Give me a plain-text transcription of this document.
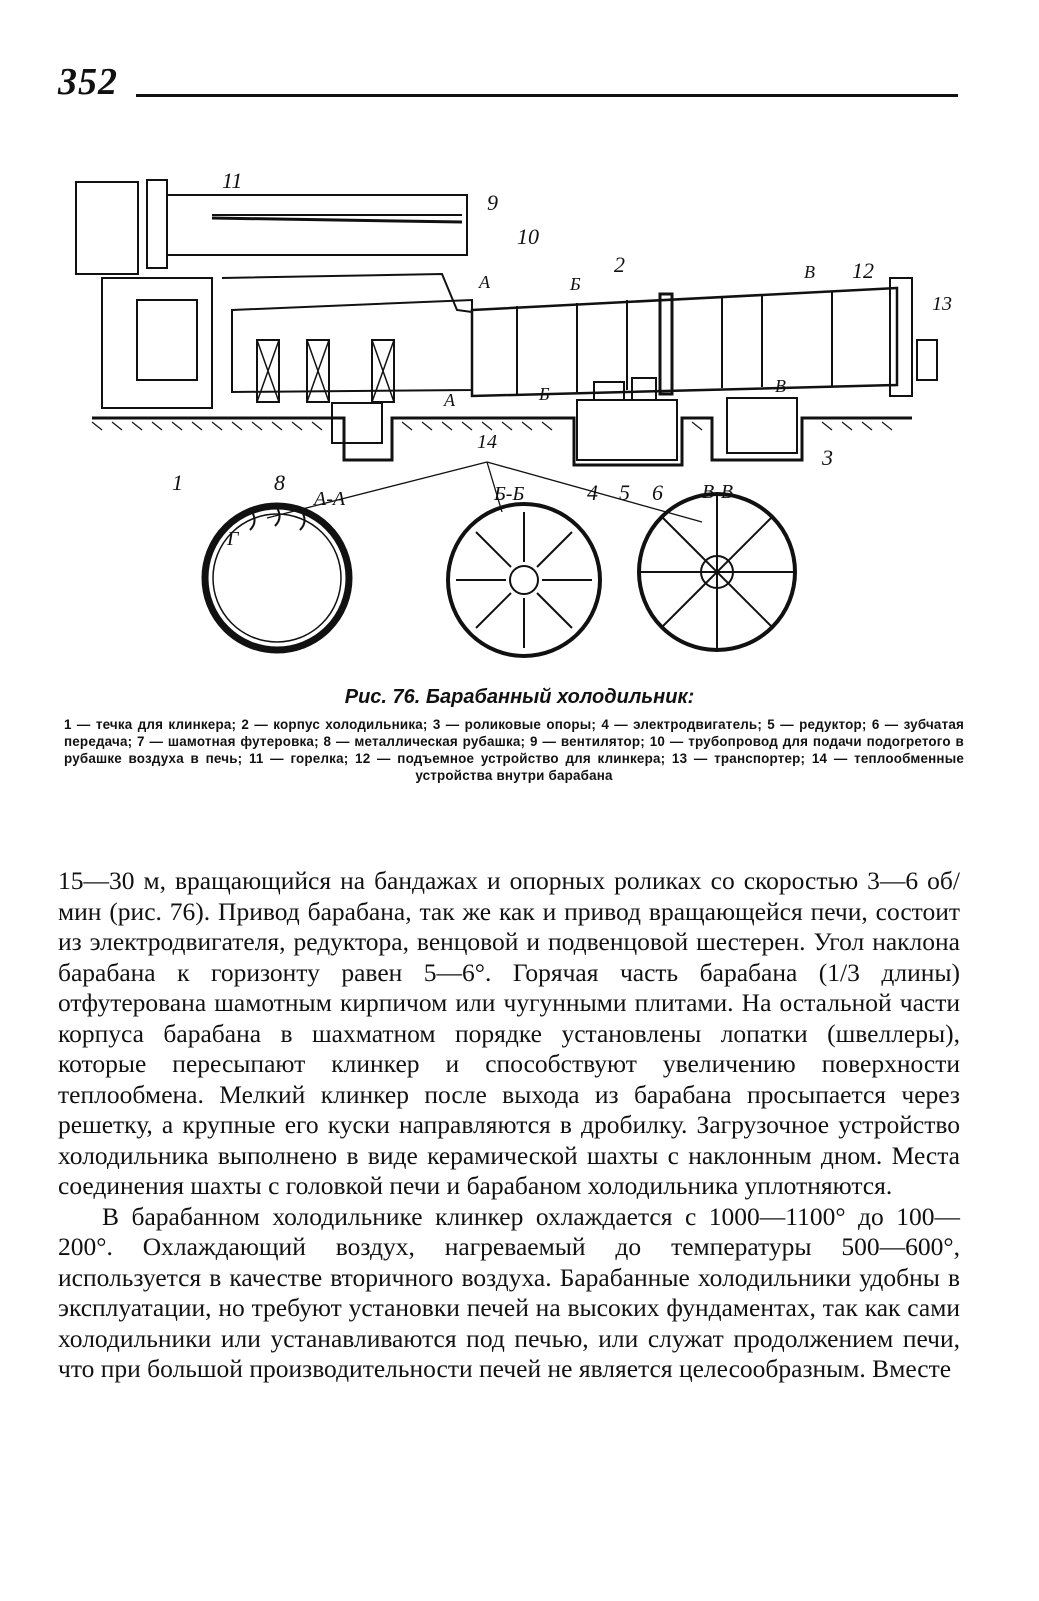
352
11
9
10
2	12
13
1	8
14
4 5 6
3
А
А
Б
Б
В
В
А-А	Б-Б	В-В
Г
Рис. 76. Барабанный холодильник:
1 — течка для клинкера; 2 — корпус холодильника; 3 — роликовые опоры; 4 — электродвигатель; 5 — редуктор; 6 — зубчатая передача; 7 — шамотная футеровка; 8 — металлическая рубашка; 9 — вентилятор; 10 — трубопровод для подачи подогретого в рубашке воздуха в печь; 11 — горелка; 12 — подъемное устройство для клинкера; 13 — транспортер; 14 — теплообменные устройства внутри барабана

15—30 м, вращающийся на бандажах и опорных роликах со скоростью 3—6 об/мин (рис. 76). Привод барабана, так же как и привод вращающейся печи, состоит из электродвигателя, редуктора, венцовой и подвенцовой шестерен. Угол наклона барабана к горизонту равен 5—6°. Горячая часть барабана (1/3 длины) отфутерована шамотным кирпичом или чугунными плитами. На остальной части корпуса барабана в шахматном порядке установлены лопатки (швеллеры), которые пересыпают клинкер и способствуют увеличению поверхности теплообмена. Мелкий клинкер после выхода из барабана просыпается через решетку, а крупные его куски направляются в дробилку. Загрузочное устройство холодильника выполнено в виде керамической шахты с наклонным дном. Места соединения шахты с головкой печи и барабаном холодильника уплотняются.

В барабанном холодильнике клинкер охлаждается с 1000—1100° до 100—200°. Охлаждающий воздух, нагреваемый до температуры 500—600°, используется в качестве вторичного воздуха. Барабанные холодильники удобны в эксплуатации, но требуют установки печей на высоких фундаментах, так как сами холодильники или устанавливаются под печью, или служат продолжением печи, что при большой производительности печей не является целесообразным. Вместе
